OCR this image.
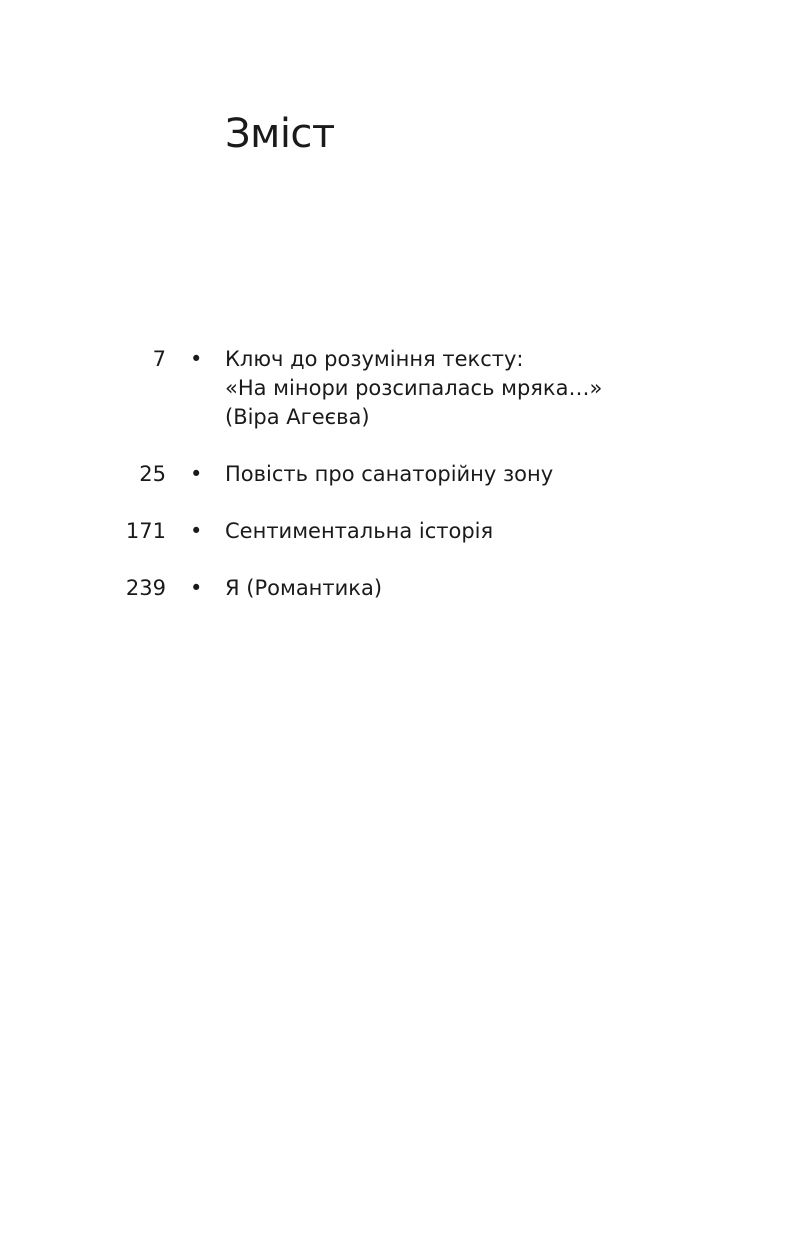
Зміст
7 • Ключ до розуміння тексту:
«На мінори розсипалась мряка…»
(Віра Агеєва)
25 • Повість про санаторійну зону
171 • Сентиментальна історія
239 • Я (Романтика)
